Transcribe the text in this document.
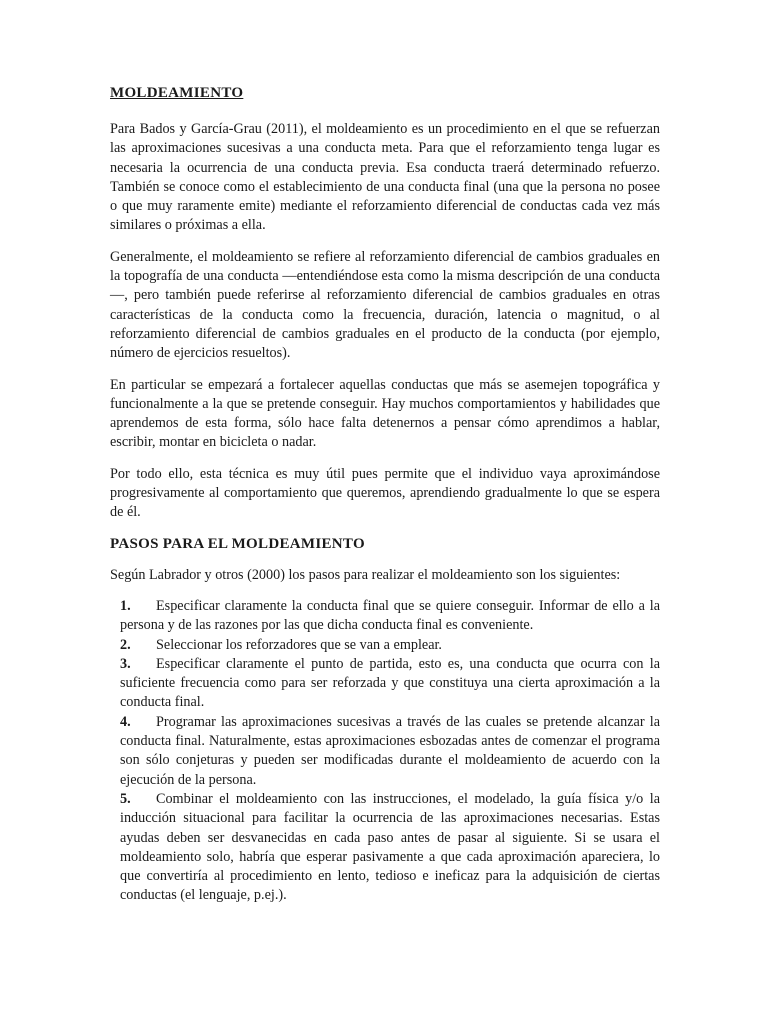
MOLDEAMIENTO

Para Bados y García-Grau (2011), el moldeamiento es un procedimiento en el que se refuerzan las aproximaciones sucesivas a una conducta meta. Para que el reforzamiento tenga lugar es necesaria la ocurrencia de una conducta previa. Esa conducta traerá determinado refuerzo. También se conoce como el establecimiento de una conducta final (una que la persona no posee o que muy raramente emite) mediante el reforzamiento diferencial de conductas cada vez más similares o próximas a ella.

Generalmente, el moldeamiento se refiere al reforzamiento diferencial de cambios graduales en la topografía de una conducta —entendiéndose esta como la misma descripción de una conducta—, pero también puede referirse al reforzamiento diferencial de cambios graduales en otras características de la conducta como la frecuencia, duración, latencia o magnitud, o al reforzamiento diferencial de cambios graduales en el producto de la conducta (por ejemplo, número de ejercicios resueltos).

En particular se empezará a fortalecer aquellas conductas que más se asemejen topográfica y funcionalmente a la que se pretende conseguir. Hay muchos comportamientos y habilidades que aprendemos de esta forma, sólo hace falta detenernos a pensar cómo aprendimos a hablar, escribir, montar en bicicleta o nadar.

Por todo ello, esta técnica es muy útil pues permite que el individuo vaya aproximándose progresivamente al comportamiento que queremos, aprendiendo gradualmente lo que se espera de él.

PASOS PARA EL MOLDEAMIENTO

Según Labrador y otros (2000) los pasos para realizar el moldeamiento son los siguientes:

1. Especificar claramente la conducta final que se quiere conseguir. Informar de ello a la persona y de las razones por las que dicha conducta final es conveniente.
2. Seleccionar los reforzadores que se van a emplear.
3. Especificar claramente el punto de partida, esto es, una conducta que ocurra con la suficiente frecuencia como para ser reforzada y que constituya una cierta aproximación a la conducta final.
4. Programar las aproximaciones sucesivas a través de las cuales se pretende alcanzar la conducta final. Naturalmente, estas aproximaciones esbozadas antes de comenzar el programa son sólo conjeturas y pueden ser modificadas durante el moldeamiento de acuerdo con la ejecución de la persona.
5. Combinar el moldeamiento con las instrucciones, el modelado, la guía física y/o la inducción situacional para facilitar la ocurrencia de las aproximaciones necesarias. Estas ayudas deben ser desvanecidas en cada paso antes de pasar al siguiente. Si se usara el moldeamiento solo, habría que esperar pasivamente a que cada aproximación apareciera, lo que convertiría al procedimiento en lento, tedioso e ineficaz para la adquisición de ciertas conductas (el lenguaje, p.ej.).
